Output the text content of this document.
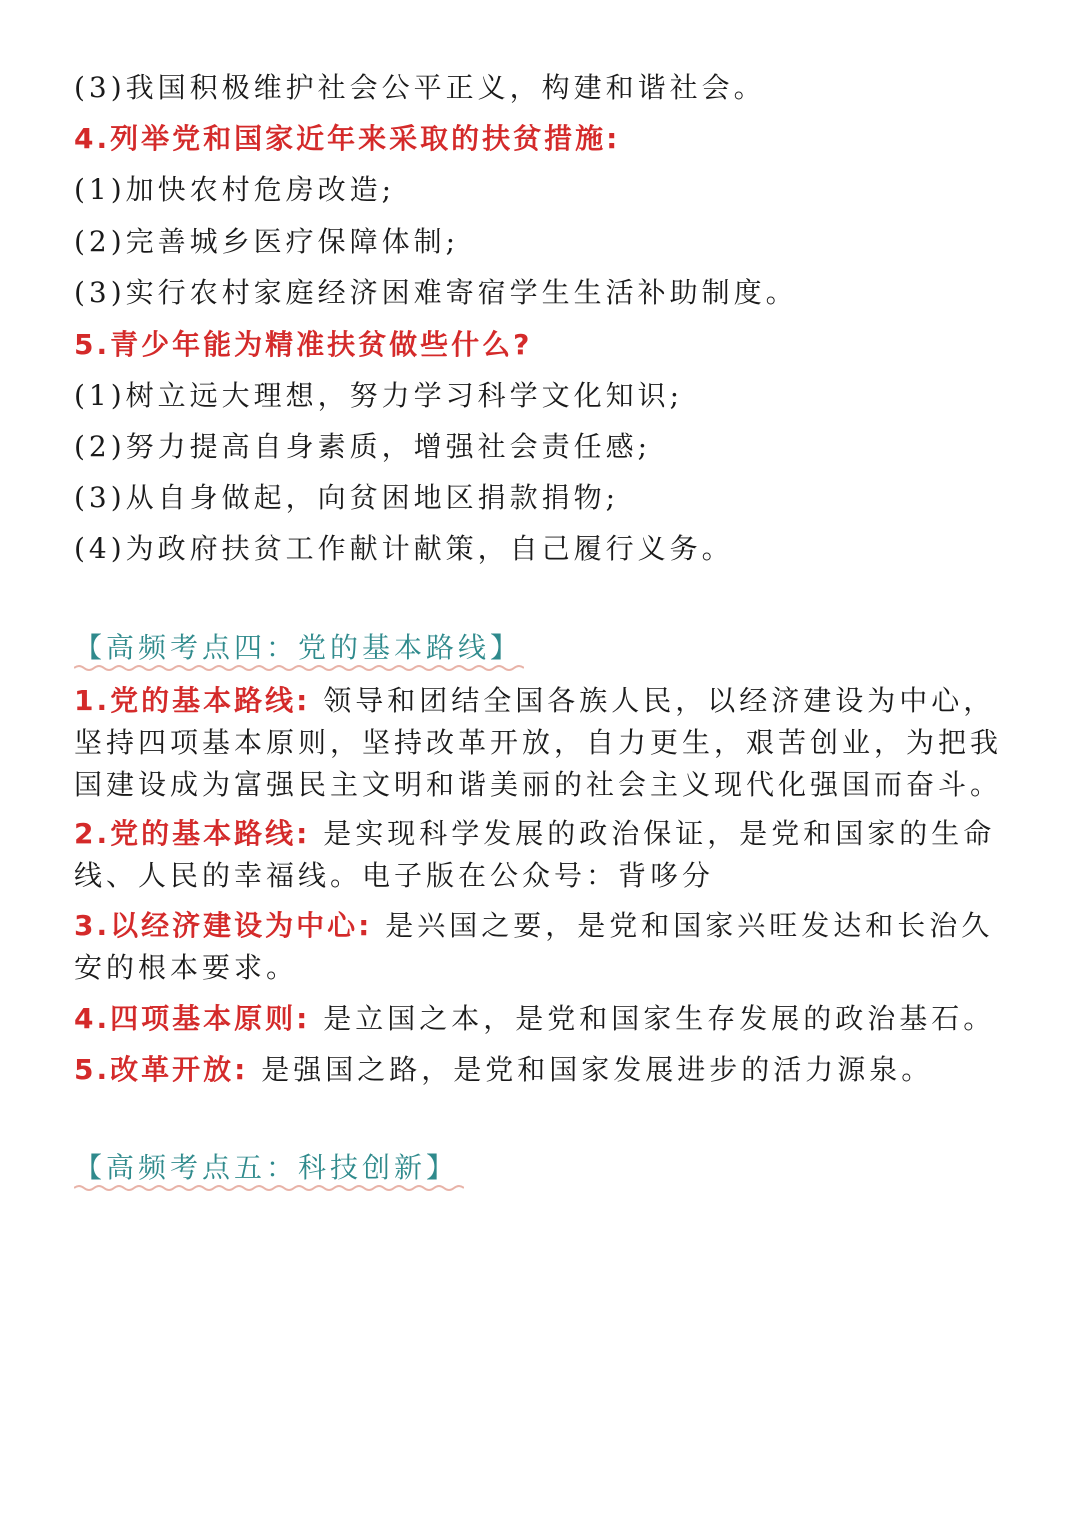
(3)我国积极维护社会公平正义，构建和谐社会。
4.列举党和国家近年来采取的扶贫措施:
(1)加快农村危房改造;
(2)完善城乡医疗保障体制;
(3)实行农村家庭经济困难寄宿学生生活补助制度。
5.青少年能为精准扶贫做些什么?
(1)树立远大理想，努力学习科学文化知识;
(2)努力提高自身素质，增强社会责任感;
(3)从自身做起，向贫困地区捐款捐物;
(4)为政府扶贫工作献计献策，自己履行义务。
【高频考点四：党的基本路线】
1.党的基本路线: 领导和团结全国各族人民，以经济建设为中心，坚持四项基本原则，坚持改革开放，自力更生，艰苦创业，为把我国建设成为富强民主文明和谐美丽的社会主义现代化强国而奋斗。
2.党的基本路线: 是实现科学发展的政治保证，是党和国家的生命线、人民的幸福线。电子版在公众号：背哆分
3.以经济建设为中心: 是兴国之要，是党和国家兴旺发达和长治久安的根本要求。
4.四项基本原则: 是立国之本，是党和国家生存发展的政治基石。
5.改革开放: 是强国之路，是党和国家发展进步的活力源泉。
【高频考点五：科技创新】
